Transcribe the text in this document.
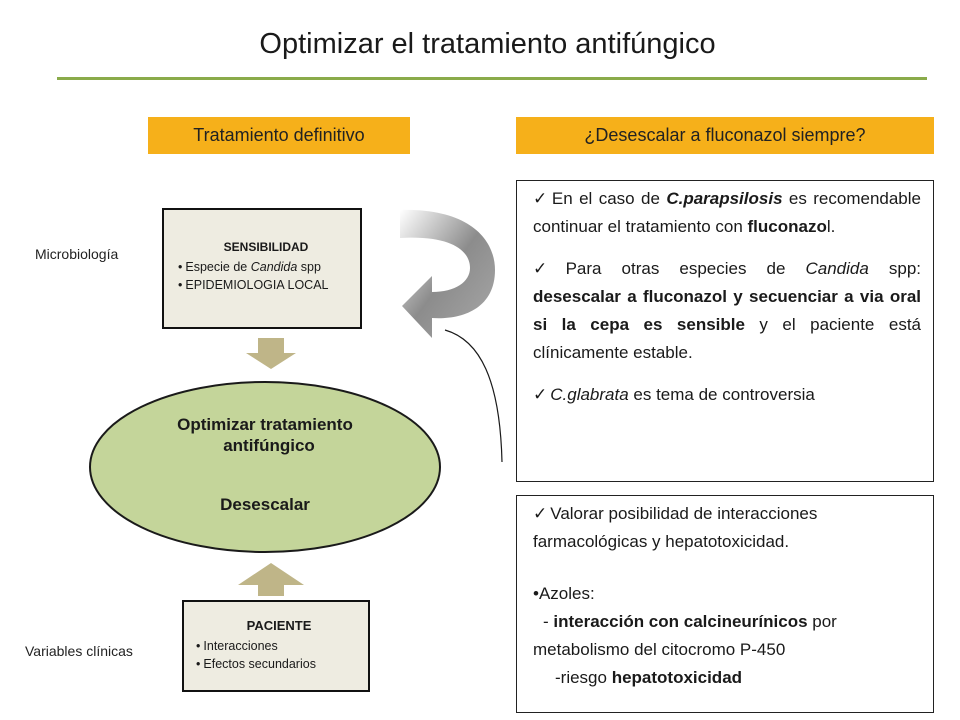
Optimizar el tratamiento antifúngico
Tratamiento definitivo	¿Desescalar a fluconazol siempre?
Microbiología
Variables clínicas
SENSIBILIDAD
• Especie de Candida spp
• EPIDEMIOLOGIA LOCAL
Optimizar tratamiento
antifúngico
Desescalar
PACIENTE
• Interacciones
• Efectos secundarios

✓ En el caso de C.parapsilosis es recomendable continuar el tratamiento con fluconazol.

✓ Para otras especies de Candida spp: desescalar a fluconazol y secuenciar a via oral si la cepa es sensible y el paciente está clínicamente estable.

✓ C.glabrata es tema de controversia

✓ Valorar posibilidad de interacciones farmacológicas y hepatotoxicidad.

•Azoles:

- interacción con calcineurínicos por metabolismo del citocromo P-450

-riesgo hepatotoxicidad
